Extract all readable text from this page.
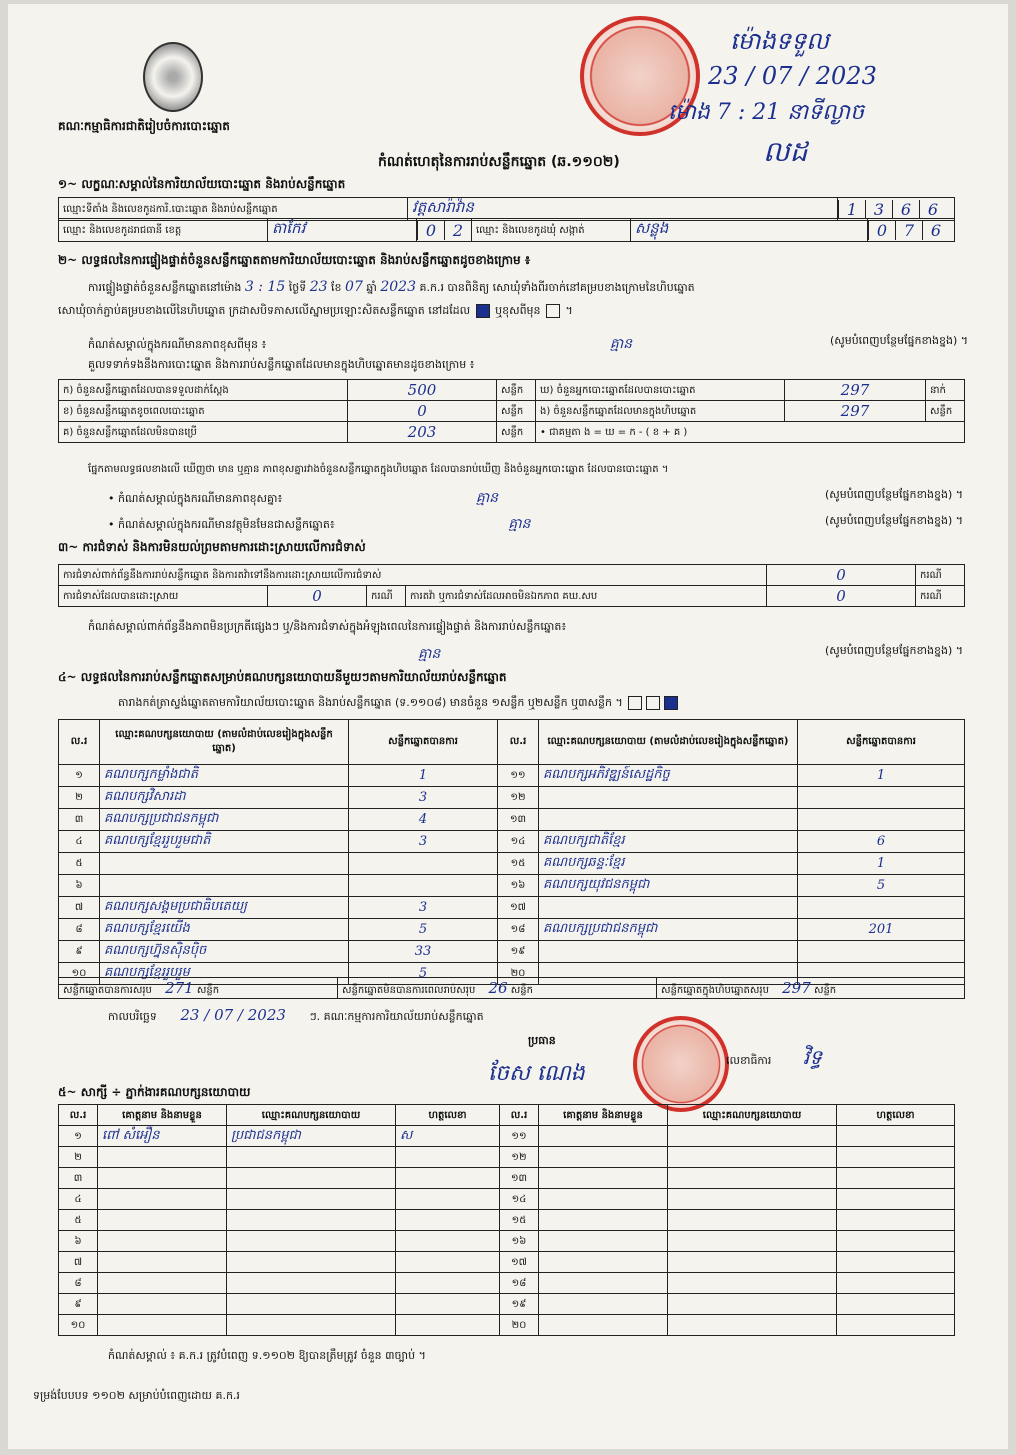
គណៈកម្មាធិការជាតិរៀបចំការបោះឆ្នោត
ម៉ោងទទួល
23 / 07 / 2023
ម៉ោង 7 : 21 នាទីល្ងាច
ល​ដ
កំណត់ហេតុនៃការរាប់សន្លឹកឆ្នោត (ឆ.១១០២)
១~ លក្ខណៈសម្គាល់នៃការិយាល័យបោះឆ្នោត និងរាប់សន្លឹកឆ្នោត
ឈ្មោះទីតាំង និងលេខកូដការិ.បោះឆ្នោត និងរាប់សន្លឹកឆ្នោត	វត្តសារ៉ាវ៉ាន	1 3 6 6
ឈ្មោះ និងលេខកូដរាជធានី ខេត្ត	តាកែវ	0 2	ឈ្មោះ និងលេខកូដឃុំ សង្កាត់	សន្លុង	0 7 6
២~ លទ្ធផលនៃការផ្ទៀងផ្ទាត់ចំនួនសន្លឹកឆ្នោតតាមការិយាល័យបោះឆ្នោត និងរាប់សន្លឹកឆ្នោតដូចខាងក្រោម ៖
ការផ្ទៀងផ្ទាត់ចំនួនសន្លឹកឆ្នោតនៅម៉ោង 3 : 15 ថ្ងៃទី 23 ខែ 07 ឆ្នាំ 2023 គ.ក.រ បានពិនិត្យ សោឃុំទាំងពីរចាក់នៅគម្របខាងក្រោមនៃហិបឆ្នោត
សោឃុំចាក់ភ្ជាប់គម្របខាងលើនៃហិបឆ្នោត ក្រដាសបិទភាសលើស្នាមប្រឡោះសិតសន្លឹកឆ្នោត នៅដដែល ឬខុសពីមុន  ។
កំណត់សម្គាល់ក្នុងករណីមានភាពខុសពីមុន ៖	គ្មាន	(សូមបំពេញបន្ថែមផ្នែកខាងខ្នង) ។
គួលទទាក់ទងនឹងការបោះឆ្នោត និងការរាប់សន្លឹកឆ្នោតដែលមានក្នុងហិបឆ្នោតមានដូចខាងក្រោម ៖
ក) ចំនួនសន្លឹកឆ្នោតដែលបានទទួលដាក់ស្តែង	500	សន្លឹក	ឃ) ចំនួនអ្នកបោះឆ្នោតដែលបានបោះឆ្នោត	297	នាក់
ខ) ចំនួនសន្លឹកឆ្នោតខូចពេលបោះឆ្នោត	0	សន្លឹក	ង) ចំនួនសន្លឹកឆ្នោតដែលមានក្នុងហិបឆ្នោត	297	សន្លឹក
គ) ចំនួនសន្លឹកឆ្នោតដែលមិនបានប្រើ	203	សន្លឹក	• ជាគម្មតា ង = ឃ = ក - ( ខ + គ )		
ផ្នែកតាមលទ្ធផលខាងលើ ឃើញថា មាន ឬគ្មាន ភាពខុសគ្នារវាងចំនួនសន្លឹកឆ្នោតក្នុងហិបឆ្នោត ដែលបានរាប់ឃើញ និងចំនួនអ្នកបោះឆ្នោត ដែលបានបោះឆ្នោត ។
• កំណត់សម្គាល់ក្នុងករណីមានភាពខុសគ្នា៖	គ្មាន	(សូមបំពេញបន្ថែមផ្នែកខាងខ្នង) ។
• កំណត់សម្គាល់ក្នុងករណីមានវត្ថុមិនមែនជាសន្លឹកឆ្នោត៖	គ្មាន	(សូមបំពេញបន្ថែមផ្នែកខាងខ្នង) ។
៣~ ការជំទាស់ និងការមិនយល់ព្រមតាមការដោះស្រាយលើការជំទាស់
ការជំទាស់ពាក់ព័ន្ធនឹងការរាប់សន្លឹកឆ្នោត និងការតវ៉ាទៅនឹងការដោះស្រាយលើការជំទាស់				0	ករណី
ការជំទាស់ដែលបានដោះស្រាយ	0	ករណី	ការតវ៉ា ឬការជំទាស់ដែលអាចមិនឯកភាព គឃ.សប	0	ករណី
កំណត់សម្គាល់ពាក់ព័ន្ធនឹងភាពមិនប្រក្រតីផ្សេងៗ ឬ/និងការជំទាស់ក្នុងអំឡុងពេលនៃការផ្ទៀងផ្ទាត់ និងការរាប់សន្លឹកឆ្នោត៖
គ្មាន	(សូមបំពេញបន្ថែមផ្នែកខាងខ្នង) ។
៤~ លទ្ធផលនៃការរាប់សន្លឹកឆ្នោតសម្រាប់គណបក្សនយោបាយនីមួយៗតាមការិយាល័យរាប់សន្លឹកឆ្នោត
តារាងកត់ត្រាស្ទង់ឆ្នោតតាមការិយាល័យបោះឆ្នោត និងរាប់សន្លឹកឆ្នោត (ទ.១១០៨) មានចំនួន ១សន្លឹក ឬ២សន្លឹក ឬ៣សន្លឹក ។
ល.រ	ឈ្មោះគណបក្សនយោបាយ (តាមលំដាប់លេខរៀងក្នុងសន្លឹកឆ្នោត)	សន្លឹកឆ្នោតបានការ	ល.រ	ឈ្មោះគណបក្សនយោបាយ (តាមលំដាប់លេខរៀងក្នុងសន្លឹកឆ្នោត)	សន្លឹកឆ្នោតបានការ
១	គណបក្សកម្លាំងជាតិ	1	១១	គណបក្សអភិវឌ្ឍន៍សេដ្ឋកិច្ច	1
២	គណបក្សវិសារដា	3	១២		
៣	គណបក្សប្រជាជនកម្ពុជា	4	១៣		
៤	គណបក្សខ្មែររួបរួមជាតិ	3	១៤	គណបក្សជាតិខ្មែរ	6
៥			១៥	គណបក្សឆន្ទៈខ្មែរ	1
៦			១៦	គណបក្សយុវជនកម្ពុជា	5
៧	គណបក្សសង្គមប្រជាធិបតេយ្យ	3	១៧		
៨	គណបក្សខ្មែរយើង	5	១៨	គណបក្សប្រជាជនកម្ពុជា	201
៩	គណបក្សហ្វ៊ុនស៊ិនប៉ិច	33	១៩		
១០	គណបក្សខ្មែររួបរួម	5	២០		
សន្លឹកឆ្នោតបានការសរុប 271 សន្លឹក	សន្លឹកឆ្នោតមិនបានការពេលរាប់សរុប 26 សន្លឹក	សន្លឹកឆ្នោតក្នុងហិបឆ្នោតសរុប 297 សន្លឹក
កាលបរិច្ឆេទ 23 / 07 / 2023 ៗ. គណៈកម្មការការិយាល័យរាប់សន្លឹកឆ្នោត
ប្រធាន
ចែស ណេង
លេខាធិការ វិទ្ធ
៥~ សាក្សី ÷ ភ្នាក់ងារគណបក្សនយោបាយ
ល.រ	គោត្តនាម និងនាមខ្លួន	ឈ្មោះគណបក្សនយោបាយ	ហត្ថលេខា	ល.រ	គោត្តនាម និងនាមខ្លួន	ឈ្មោះគណបក្សនយោបាយ	ហត្ថលេខា
១	ពៅ សំអឿន	ប្រជាជនកម្ពុជា	ស	១១			
២				១២			
៣				១៣			
៤				១៤			
៥				១៥			
៦				១៦			
៧				១៧			
៨				១៨			
៩				១៩			
១០				២០			
កំណត់សម្គាល់ ៖ គ.ក.រ ត្រូវបំពេញ ទ.១១០២ ឱ្យបានត្រឹមត្រូវ ចំនួន ៣ច្បាប់ ។
ទម្រង់បែបបទ ១១០២ សម្រាប់បំពេញដោយ គ.ក.រ
